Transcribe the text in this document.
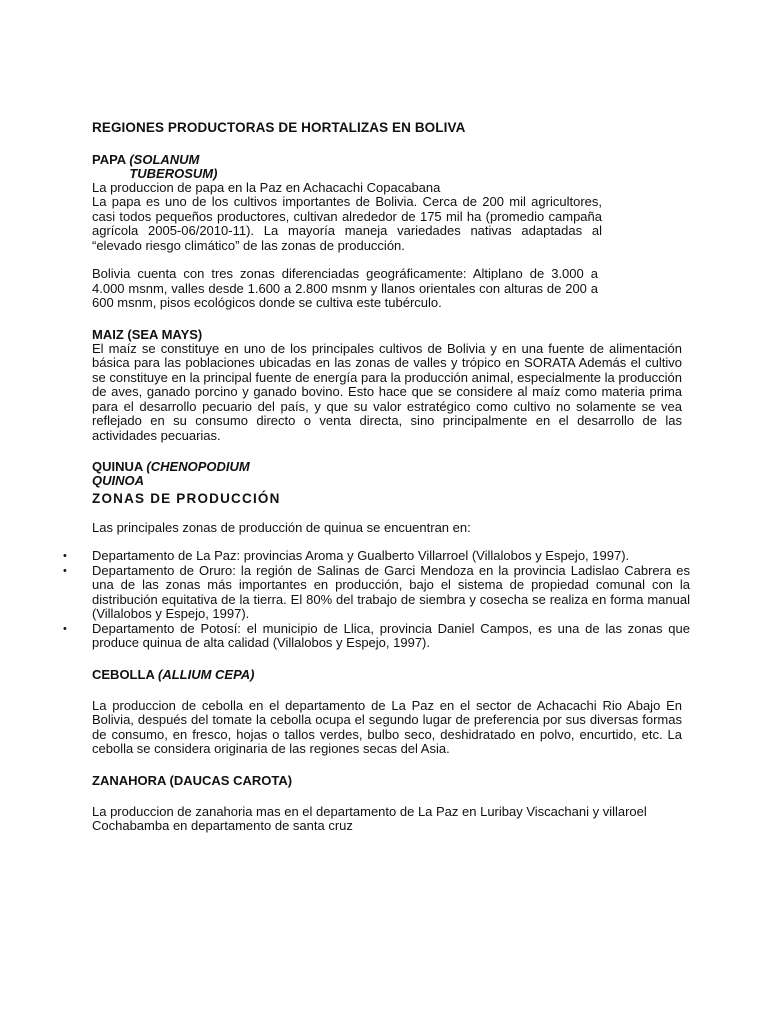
REGIONES PRODUCTORAS DE HORTALIZAS EN BOLIVA
PAPA (SOLANUM TUBEROSUM)

La produccion de papa en la Paz en Achacachi Copacabana

La papa es uno de los cultivos importantes de Bolivia. Cerca de 200 mil agricultores, casi todos pequeños productores, cultivan alrededor de 175 mil ha (promedio campaña agrícola 2005-06/2010-11). La mayoría maneja variedades nativas adaptadas al “elevado riesgo climático” de las zonas de producción.

Bolivia cuenta con tres zonas diferenciadas geográficamente: Altiplano de 3.000 a 4.000 msnm, valles desde 1.600 a 2.800 msnm y llanos orientales con alturas de 200 a 600 msnm, pisos ecológicos donde se cultiva este tubérculo.

MAIZ (SEA MAYS)

El maíz se constituye en uno de los principales cultivos de Bolivia y en una fuente de alimentación básica para las poblaciones ubicadas en las zonas de valles y trópico en SORATA Además el cultivo se constituye en la principal fuente de energía para la producción animal, especialmente la producción de aves, ganado porcino y ganado bovino. Esto hace que se considere al maíz como materia prima para el desarrollo pecuario del país, y que su valor estratégico como cultivo no solamente se vea reflejado en su consumo directo o venta directa, sino principalmente en el desarrollo de las actividades pecuarias.

QUINUA (CHENOPODIUM
QUINOA
ZONAS DE PRODUCCIÓN

Las principales zonas de producción de quinua se encuentran en:

• Departamento de La Paz: provincias Aroma y Gualberto Villarroel (Villalobos y Espejo, 1997).
• Departamento de Oruro: la región de Salinas de Garci Mendoza en la provincia Ladislao Cabrera es una de las zonas más importantes en producción, bajo el sistema de propiedad comunal con la distribución equitativa de la tierra. El 80% del trabajo de siembra y cosecha se realiza en forma manual (Villalobos y Espejo, 1997).
• Departamento de Potosí: el municipio de Llica, provincia Daniel Campos, es una de las zonas que produce quinua de alta calidad (Villalobos y Espejo, 1997).
CEBOLLA (ALLIUM CEPA)

La produccion de cebolla en el departamento de La Paz en el sector de Achacachi Rio Abajo En Bolivia, después del tomate la cebolla ocupa el segundo lugar de preferencia por sus diversas formas de consumo, en fresco, hojas o tallos verdes, bulbo seco, deshidratado en polvo, encurtido, etc. La cebolla se considera originaria de las regiones secas del Asia.

ZANAHORA (DAUCAS CAROTA)

La produccion de zanahoria mas en el departamento de La Paz en Luribay Viscachani y villaroel Cochabamba en departamento de santa cruz
